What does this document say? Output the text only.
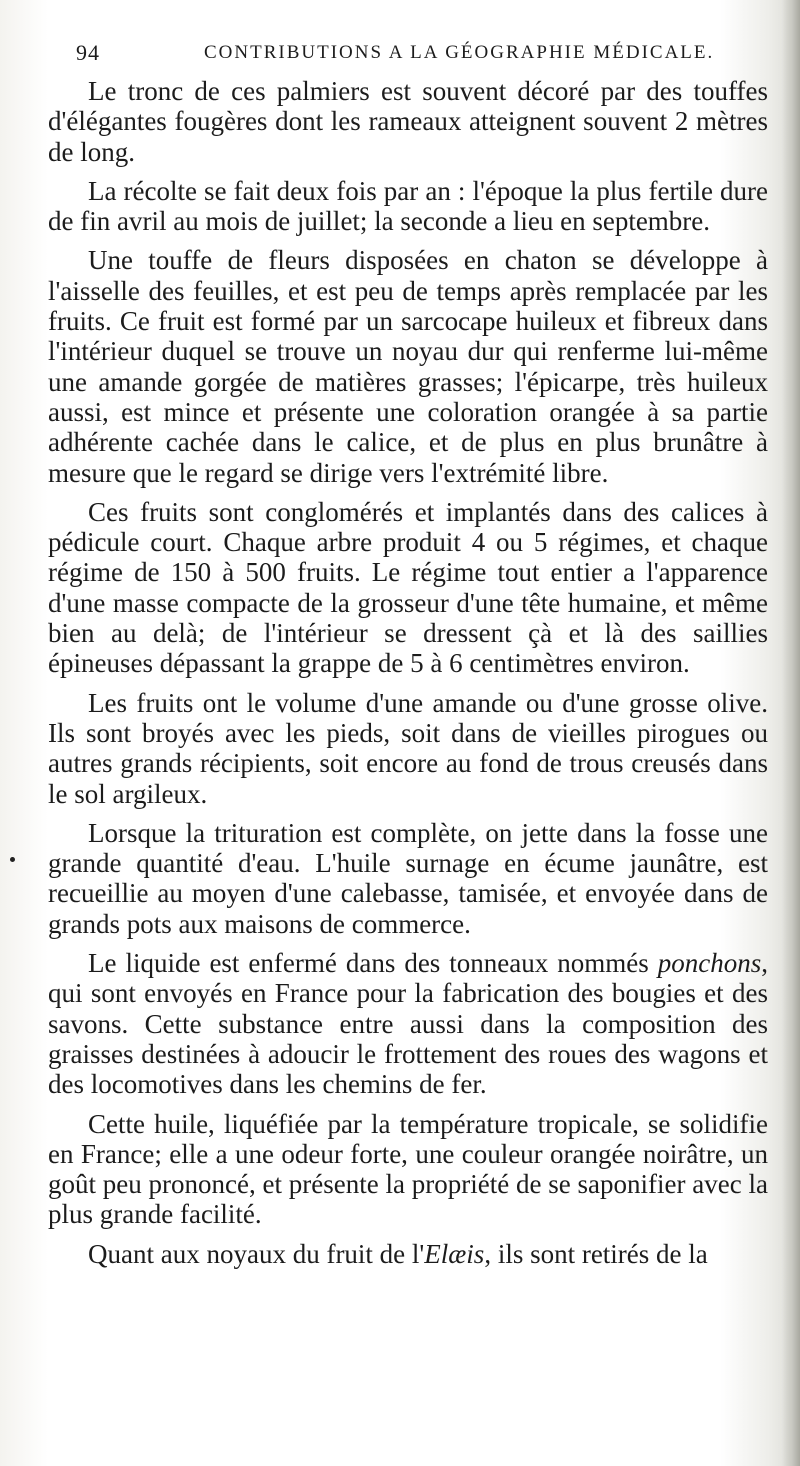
94	CONTRIBUTIONS A LA GÉOGRAPHIE MÉDICALE.

Le tronc de ces palmiers est souvent décoré par des touffes d'élégantes fougères dont les rameaux atteignent souvent 2 mètres de long.

La récolte se fait deux fois par an : l'époque la plus fertile dure de fin avril au mois de juillet; la seconde a lieu en septembre.

Une touffe de fleurs disposées en chaton se développe à l'aisselle des feuilles, et est peu de temps après remplacée par les fruits. Ce fruit est formé par un sarcocape huileux et fibreux dans l'intérieur duquel se trouve un noyau dur qui renferme lui-même une amande gorgée de matières grasses; l'épicarpe, très huileux aussi, est mince et présente une coloration orangée à sa partie adhérente cachée dans le calice, et de plus en plus brunâtre à mesure que le regard se dirige vers l'extrémité libre.

Ces fruits sont conglomérés et implantés dans des calices à pédicule court. Chaque arbre produit 4 ou 5 régimes, et chaque régime de 150 à 500 fruits. Le régime tout entier a l'apparence d'une masse compacte de la grosseur d'une tête humaine, et même bien au delà; de l'intérieur se dressent çà et là des saillies épineuses dépassant la grappe de 5 à 6 centimètres environ.

Les fruits ont le volume d'une amande ou d'une grosse olive. Ils sont broyés avec les pieds, soit dans de vieilles pirogues ou autres grands récipients, soit encore au fond de trous creusés dans le sol argileux.

Lorsque la trituration est complète, on jette dans la fosse une grande quantité d'eau. L'huile surnage en écume jaunâtre, est recueillie au moyen d'une calebasse, tamisée, et envoyée dans de grands pots aux maisons de commerce.

Le liquide est enfermé dans des tonneaux nommés ponchons, qui sont envoyés en France pour la fabrication des bougies et des savons. Cette substance entre aussi dans la composition des graisses destinées à adoucir le frottement des roues des wagons et des locomotives dans les chemins de fer.

Cette huile, liquéfiée par la température tropicale, se solidifie en France; elle a une odeur forte, une couleur orangée noirâtre, un goût peu prononcé, et présente la propriété de se saponifier avec la plus grande facilité.

Quant aux noyaux du fruit de l'Elæis, ils sont retirés de la
